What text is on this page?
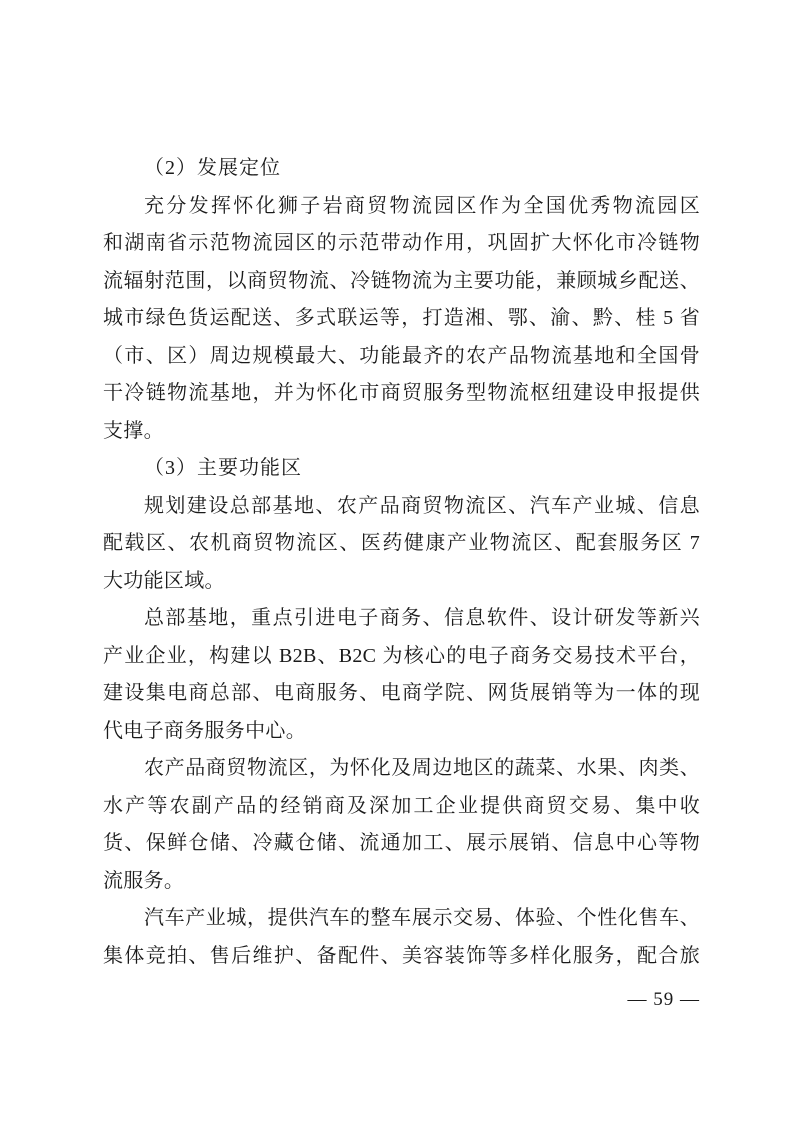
（2）发展定位
充分发挥怀化狮子岩商贸物流园区作为全国优秀物流园区
和湖南省示范物流园区的示范带动作用，巩固扩大怀化市冷链物
流辐射范围，以商贸物流、冷链物流为主要功能，兼顾城乡配送、
城市绿色货运配送、多式联运等，打造湘、鄂、渝、黔、桂 5 省
（市、区）周边规模最大、功能最齐的农产品物流基地和全国骨
干冷链物流基地，并为怀化市商贸服务型物流枢纽建设申报提供
支撑。
（3）主要功能区
规划建设总部基地、农产品商贸物流区、汽车产业城、信息
配载区、农机商贸物流区、医药健康产业物流区、配套服务区 7
大功能区域。
总部基地，重点引进电子商务、信息软件、设计研发等新兴
产业企业，构建以 B2B、B2C 为核心的电子商务交易技术平台，
建设集电商总部、电商服务、电商学院、网货展销等为一体的现
代电子商务服务中心。
农产品商贸物流区，为怀化及周边地区的蔬菜、水果、肉类、
水产等农副产品的经销商及深加工企业提供商贸交易、集中收
货、保鲜仓储、冷藏仓储、流通加工、展示展销、信息中心等物
流服务。
汽车产业城，提供汽车的整车展示交易、体验、个性化售车、
集体竞拍、售后维护、备配件、美容装饰等多样化服务，配合旅
— 59 —
